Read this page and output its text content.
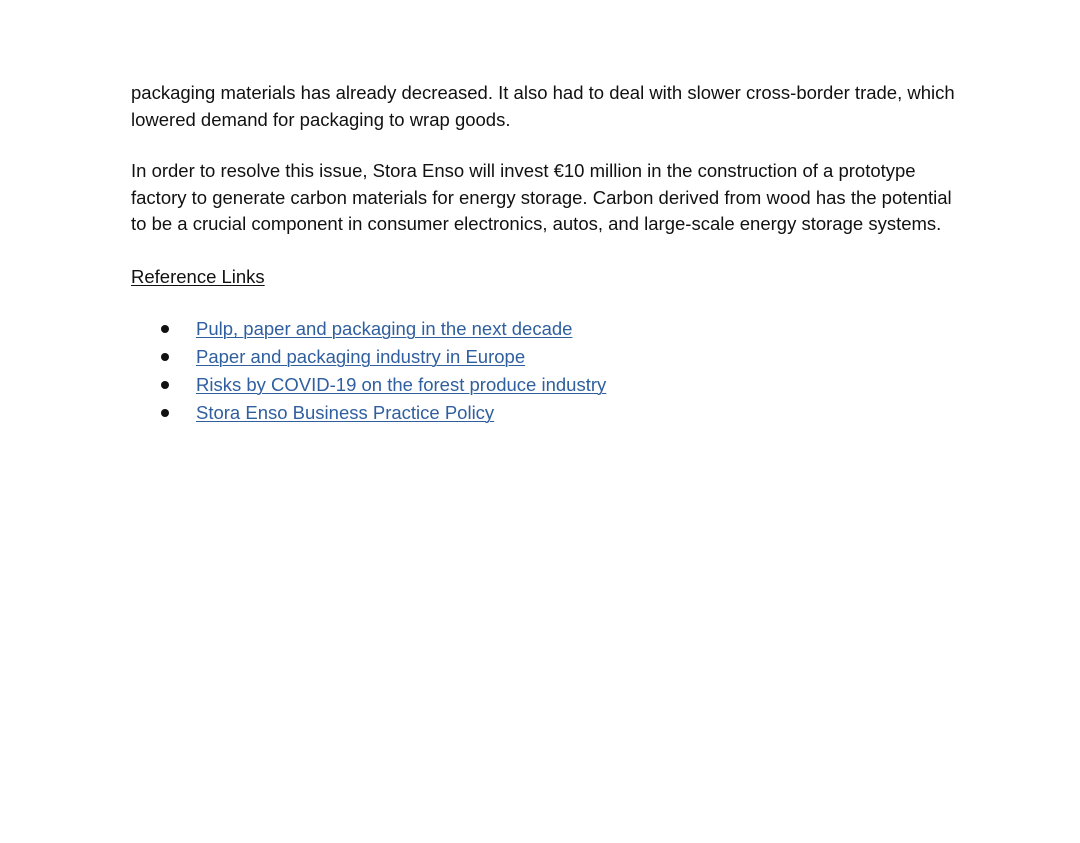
packaging materials has already decreased. It also had to deal with slower cross-border trade, which lowered demand for packaging to wrap goods.

In order to resolve this issue, Stora Enso will invest €10 million in the construction of a prototype factory to generate carbon materials for energy storage. Carbon derived from wood has the potential to be a crucial component in consumer electronics, autos, and large-scale energy storage systems.

Reference Links

Pulp, paper and packaging in the next decade
Paper and packaging industry in Europe
Risks by COVID-19 on the forest produce industry
Stora Enso Business Practice Policy
